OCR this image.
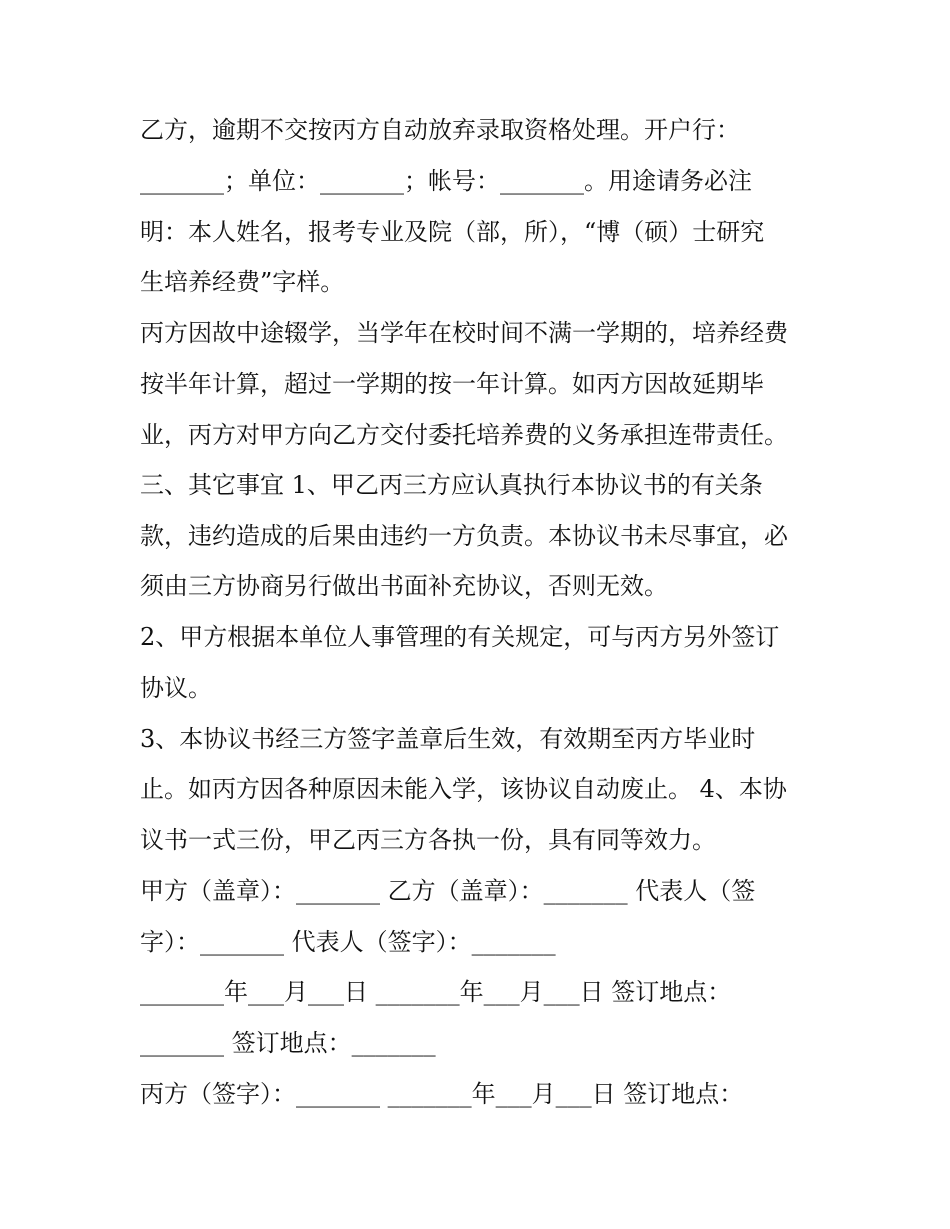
乙方，逾期不交按丙方自动放弃录取资格处理。开户行：
_______；单位：_______；帐号：_______。用途请务必注
明：本人姓名，报考专业及院（部，所），“博（硕）士研究
生培养经费”字样。
丙方因故中途辍学，当学年在校时间不满一学期的，培养经费
按半年计算，超过一学期的按一年计算。如丙方因故延期毕
业，丙方对甲方向乙方交付委托培养费的义务承担连带责任。
三、其它事宜 1、甲乙丙三方应认真执行本协议书的有关条
款，违约造成的后果由违约一方负责。本协议书未尽事宜，必
须由三方协商另行做出书面补充协议，否则无效。
2、甲方根据本单位人事管理的有关规定，可与丙方另外签订
协议。
3、本协议书经三方签字盖章后生效，有效期至丙方毕业时
止。如丙方因各种原因未能入学，该协议自动废止。 4、本协
议书一式三份，甲乙丙三方各执一份，具有同等效力。
甲方（盖章）：_______ 乙方（盖章）：_______ 代表人（签
字）：_______ 代表人（签字）：_______
_______年___月___日 _______年___月___日 签订地点：
_______ 签订地点：_______
丙方（签字）：_______ _______年___月___日 签订地点：
